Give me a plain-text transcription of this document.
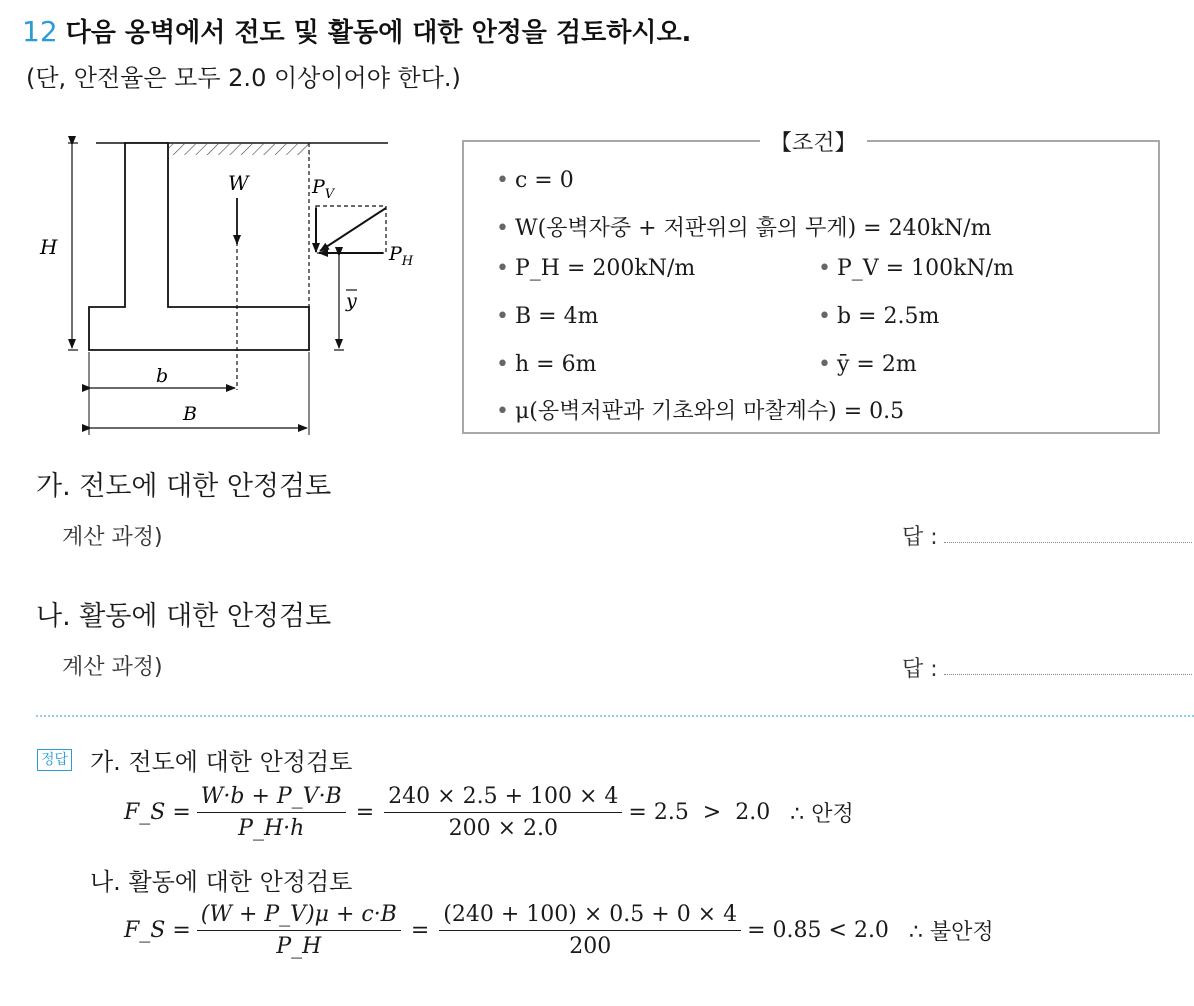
12 다음 옹벽에서 전도 및 활동에 대한 안정을 검토하시오.
(단, 안전율은 모두 2.0 이상이어야 한다.)
W
H
$P_V$
$P_H$
y
b
B
【조건】
• c = 0
• W(옹벽자중 + 저판위의 흙의 무게) = 240kN/m
• P_H = 200kN/m	• P_V = 100kN/m
• B = 4m	• b = 2.5m
• h = 6m	• ȳ = 2m
• μ(옹벽저판과 기초와의 마찰계수) = 0.5
가. 전도에 대한 안정검토
계산 과정)	답 :
나. 활동에 대한 안정검토
계산 과정)	답 :
정답 가. 전도에 대한 안정검토
F_S = $\frac{W\cdot b + P\_V\cdot B}{P\_H\cdot h} = \frac{240 \times 2.5 + 100 \times 4}{200 \times 2.0} = 2.5 > 2.0$ ∴ 안정
나. 활동에 대한 안정검토
F_S = $\frac{(W + P\_V)\mu + c\cdot B}{P\_H} = \frac{(240 + 100) \times 0.5 + 0 \times 4}{200} = 0.85 < 2.0$ ∴ 불안정
